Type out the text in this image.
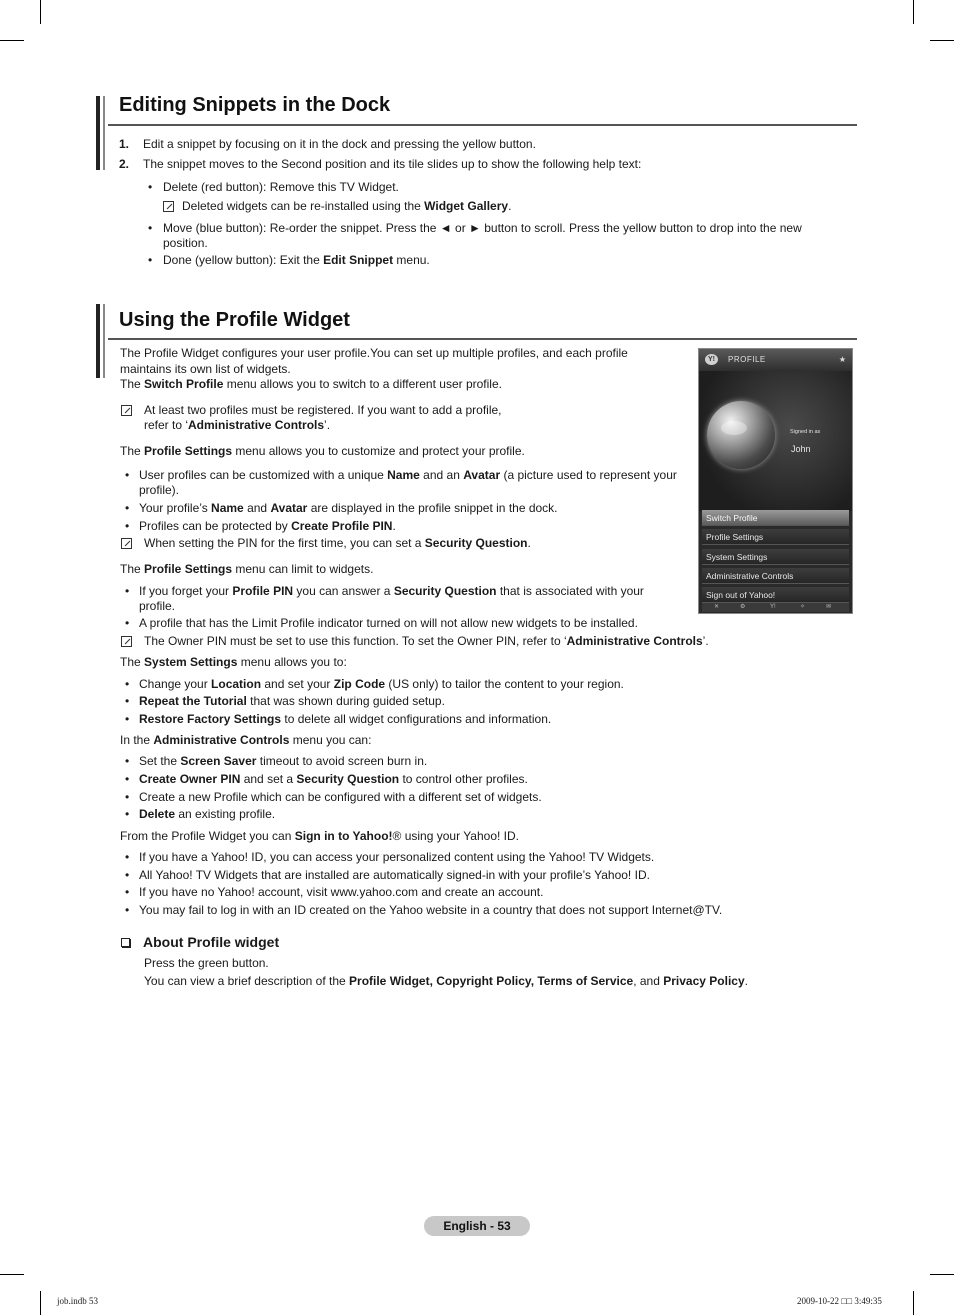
Editing Snippets in the Dock
1. Edit a snippet by focusing on it in the dock and pressing the yellow button.
2. The snippet moves to the Second position and its tile slides up to show the following help text:
• Delete (red button): Remove this TV Widget.
Deleted widgets can be re-installed using the Widget Gallery.
• Move (blue button): Re-order the snippet. Press the ◄ or ► button to scroll. Press the yellow button to drop into the new
position.
• Done (yellow button): Exit the Edit Snippet menu.
Using the Profile Widget
The Profile Widget configures your user profile.You can set up multiple profiles, and each profile
maintains its own list of widgets.
The Switch Profile menu allows you to switch to a different user profile.
At least two profiles must be registered. If you want to add a profile,
refer to ‘Administrative Controls’.
The Profile Settings menu allows you to customize and protect your profile.
• User profiles can be customized with a unique Name and an Avatar (a picture used to represent your
profile).
• Your profile’s Name and Avatar are displayed in the profile snippet in the dock.
• Profiles can be protected by Create Profile PIN.
When setting the PIN for the first time, you can set a Security Question.
The Profile Settings menu can limit to widgets.
• If you forget your Profile PIN you can answer a Security Question that is associated with your
profile.
• A profile that has the Limit Profile indicator turned on will not allow new widgets to be installed.
The Owner PIN must be set to use this function. To set the Owner PIN, refer to ‘Administrative Controls’.
The System Settings menu allows you to:
• Change your Location and set your Zip Code (US only) to tailor the content to your region.
• Repeat the Tutorial that was shown during guided setup.
• Restore Factory Settings to delete all widget configurations and information.
In the Administrative Controls menu you can:
• Set the Screen Saver timeout to avoid screen burn in.
• Create Owner PIN and set a Security Question to control other profiles.
• Create a new Profile which can be configured with a different set of widgets.
• Delete an existing profile.
From the Profile Widget you can Sign in to Yahoo!® using your Yahoo! ID.
• If you have a Yahoo! ID, you can access your personalized content using the Yahoo! TV Widgets.
• All Yahoo! TV Widgets that are installed are automatically signed-in with your profile’s Yahoo! ID.
• If you have no Yahoo! account, visit www.yahoo.com and create an account.
• You may fail to log in with an ID created on the Yahoo website in a country that does not support Internet@TV.
About Profile widget
Press the green button.
You can view a brief description of the Profile Widget, Copyright Policy, Terms of Service, and Privacy Policy.
Y!	PROFILE	★
Signed in as
John
Switch Profile
Profile Settings
System Settings
Administrative Controls
Sign out of Yahoo!
✕	⚙	Y!	✧	✉
English - 53
job.indb 53	2009-10-22 □□ 3:49:35
